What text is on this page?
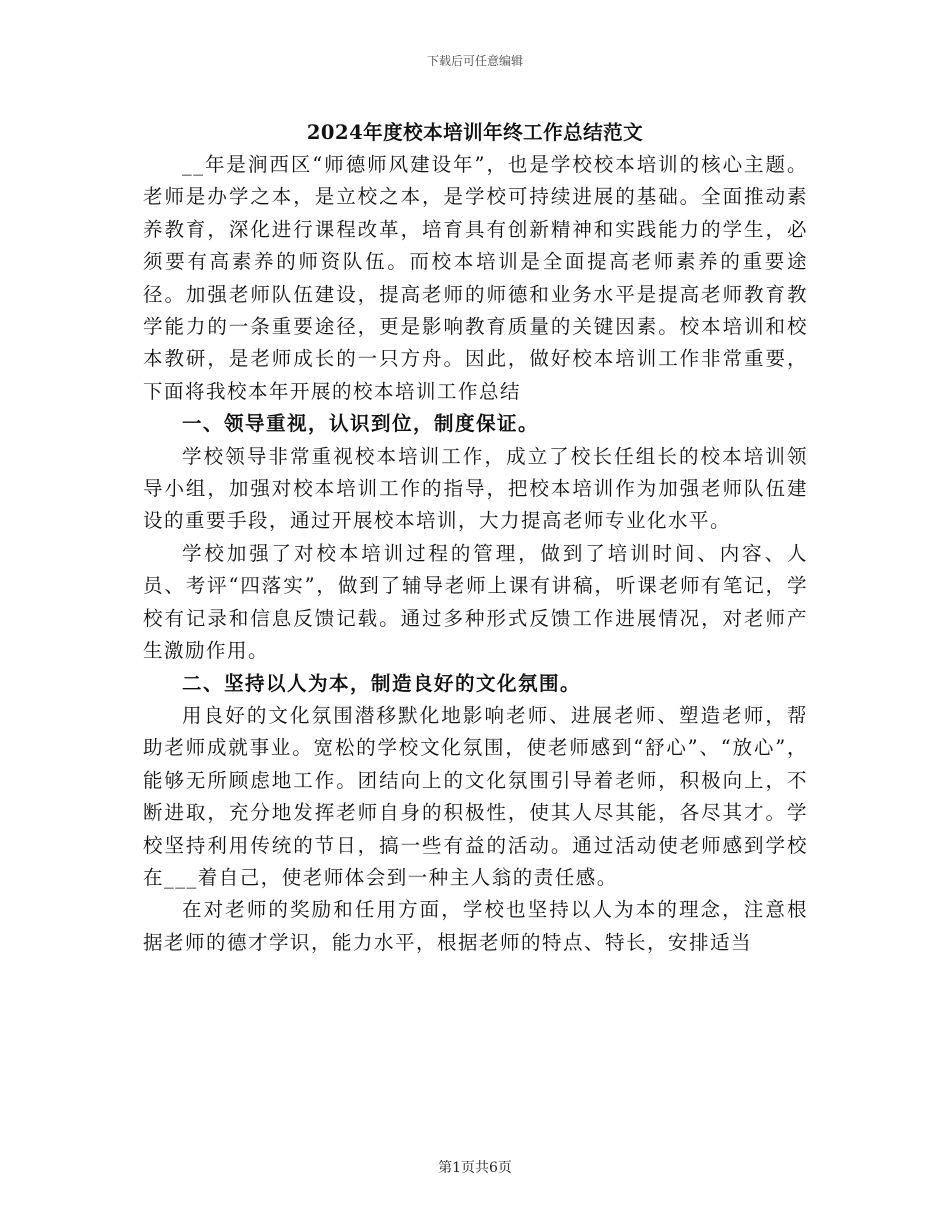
下载后可任意编辑
2024年度校本培训年终工作总结范文

__年是涧西区“师德师风建设年”，也是学校校本培训的核心主题。老师是办学之本，是立校之本，是学校可持续进展的基础。全面推动素养教育，深化进行课程改革，培育具有创新精神和实践能力的学生，必须要有高素养的师资队伍。而校本培训是全面提高老师素养的重要途径。加强老师队伍建设，提高老师的师德和业务水平是提高老师教育教学能力的一条重要途径，更是影响教育质量的关键因素。校本培训和校本教研，是老师成长的一只方舟。因此，做好校本培训工作非常重要，下面将我校本年开展的校本培训工作总结

一、领导重视，认识到位，制度保证。

学校领导非常重视校本培训工作，成立了校长任组长的校本培训领导小组，加强对校本培训工作的指导，把校本培训作为加强老师队伍建设的重要手段，通过开展校本培训，大力提高老师专业化水平。

学校加强了对校本培训过程的管理，做到了培训时间、内容、人员、考评“四落实”，做到了辅导老师上课有讲稿，听课老师有笔记，学校有记录和信息反馈记载。通过多种形式反馈工作进展情况，对老师产生激励作用。

二、坚持以人为本，制造良好的文化氛围。

用良好的文化氛围潜移默化地影响老师、进展老师、塑造老师，帮助老师成就事业。宽松的学校文化氛围，使老师感到“舒心”、“放心”，能够无所顾虑地工作。团结向上的文化氛围引导着老师，积极向上，不断进取，充分地发挥老师自身的积极性，使其人尽其能，各尽其才。学校坚持利用传统的节日，搞一些有益的活动。通过活动使老师感到学校在___着自己，使老师体会到一种主人翁的责任感。

在对老师的奖励和任用方面，学校也坚持以人为本的理念，注意根据老师的德才学识，能力水平，根据老师的特点、特长，安排适当

第1页共6页
